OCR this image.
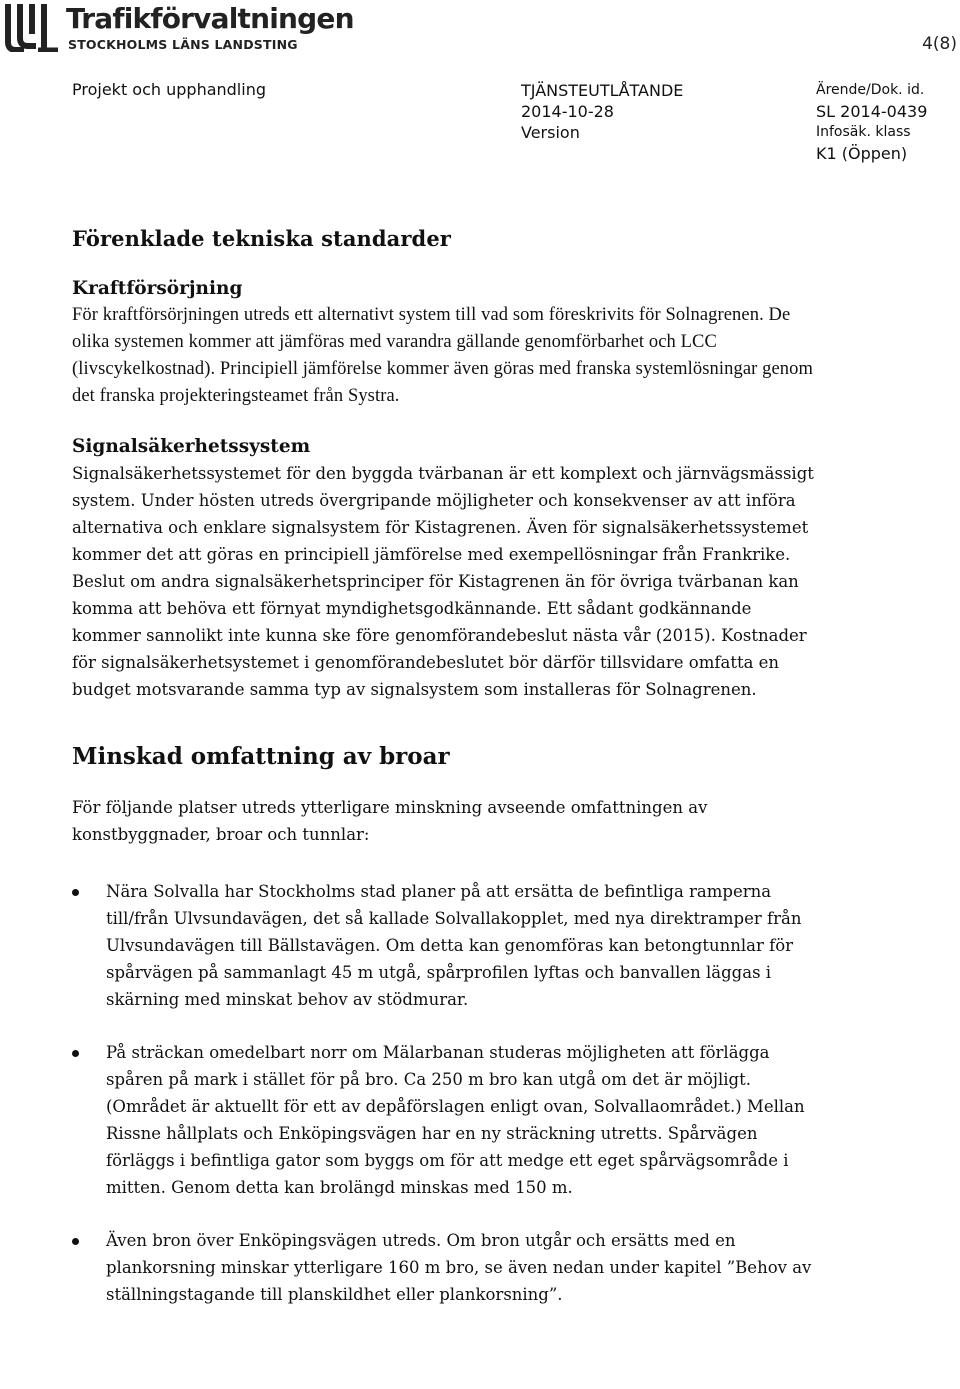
Trafikförvaltningen
STOCKHOLMS LÄNS LANDSTING	4(8)
Projekt och upphandling	TJÄNSTEUTLÅTANDE
2014-10-28
Version
Ärende/Dok. id.
SL 2014-0439
Infosäk. klass
K1 (Öppen)
Förenklade tekniska standarder
Kraftförsörjning

För kraftförsörjningen utreds ett alternativt system till vad som föreskrivits för Solnagrenen. De olika systemen kommer att jämföras med varandra gällande genomförbarhet och LCC (livscykelkostnad). Principiell jämförelse kommer även göras med franska systemlösningar genom det franska projekteringsteamet från Systra.

Signalsäkerhetssystem

Signalsäkerhetssystemet för den byggda tvärbanan är ett komplext och järnvägsmässigt system. Under hösten utreds övergripande möjligheter och konsekvenser av att införa alternativa och enklare signalsystem för Kistagrenen. Även för signalsäkerhetssystemet kommer det att göras en principiell jämförelse med exempellösningar från Frankrike. Beslut om andra signalsäkerhetsprinciper för Kistagrenen än för övriga tvärbanan kan komma att behöva ett förnyat myndighetsgodkännande. Ett sådant godkännande kommer sannolikt inte kunna ske före genomförandebeslut nästa vår (2015). Kostnader för signalsäkerhetsystemet i genomförandebeslutet bör därför tillsvidare omfatta en budget motsvarande samma typ av signalsystem som installeras för Solnagrenen.

Minskad omfattning av broar

För följande platser utreds ytterligare minskning avseende omfattningen av konstbyggnader, broar och tunnlar:

Nära Solvalla har Stockholms stad planer på att ersätta de befintliga ramperna till/från Ulvsundavägen, det så kallade Solvallakopplet, med nya direktramper från Ulvsundavägen till Bällstavägen. Om detta kan genomföras kan betongtunnlar för spårvägen på sammanlagt 45 m utgå, spårprofilen lyftas och banvallen läggas i skärning med minskat behov av stödmurar.
På sträckan omedelbart norr om Mälarbanan studeras möjligheten att förlägga spåren på mark i stället för på bro. Ca 250 m bro kan utgå om det är möjligt. (Området är aktuellt för ett av depåförslagen enligt ovan, Solvallaområdet.) Mellan Rissne hållplats och Enköpingsvägen har en ny sträckning utretts. Spårvägen förläggs i befintliga gator som byggs om för att medge ett eget spårvägsområde i mitten. Genom detta kan brolängd minskas med 150 m.
Även bron över Enköpingsvägen utreds. Om bron utgår och ersätts med en plankorsning minskar ytterligare 160 m bro, se även nedan under kapitel ”Behov av ställningstagande till planskildhet eller plankorsning”.
